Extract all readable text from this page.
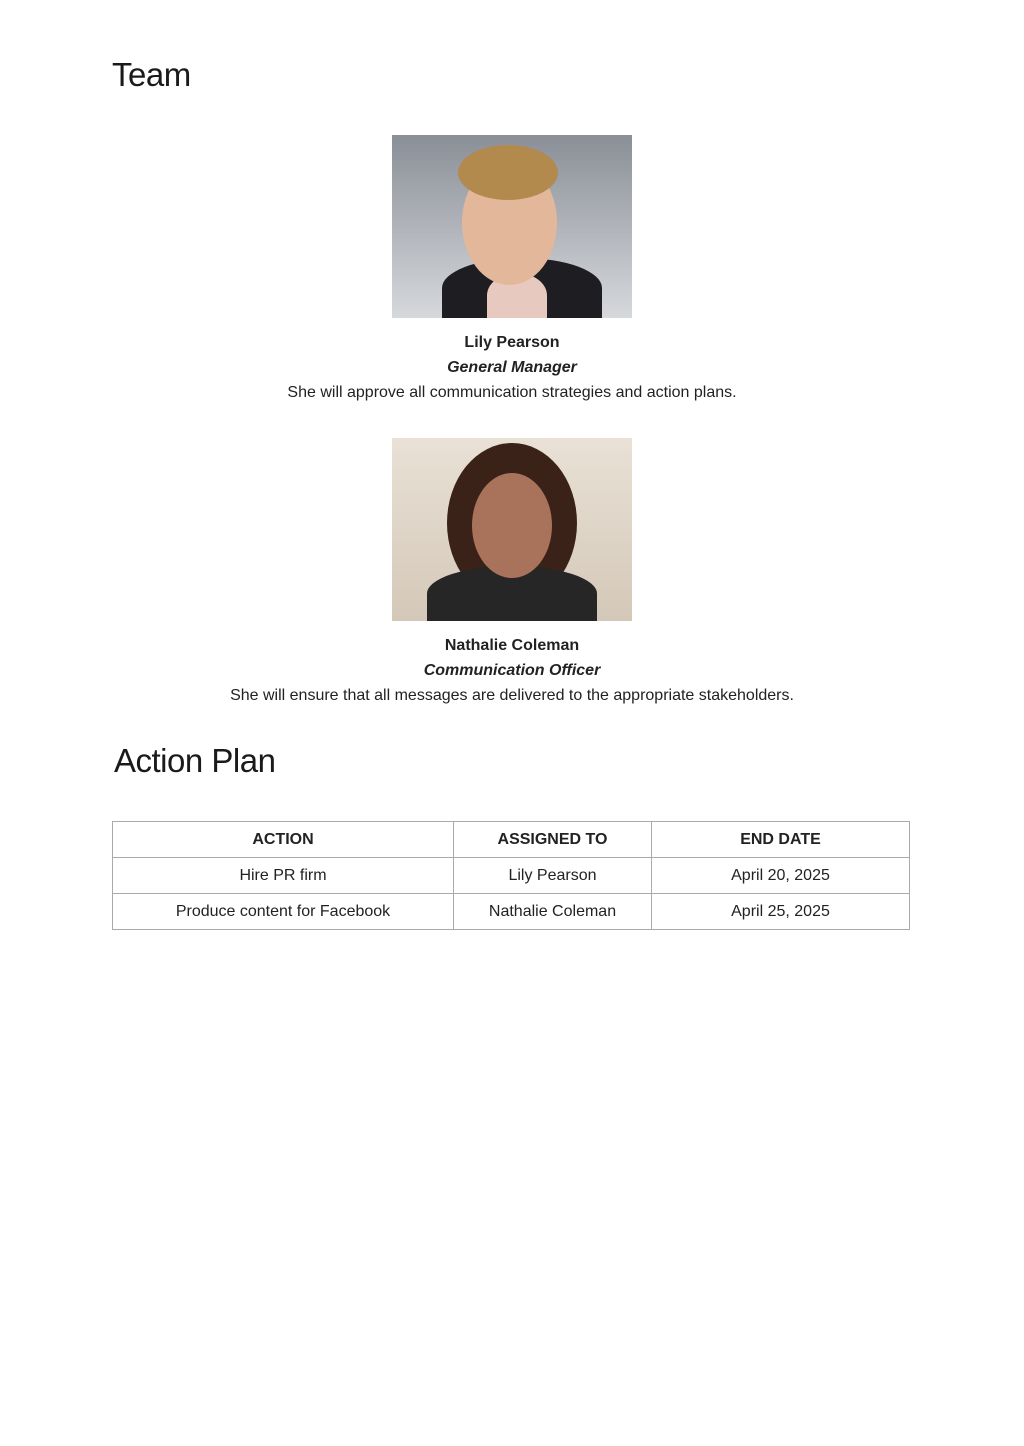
Team
Lily Pearson
General Manager
She will approve all communication strategies and action plans.
Nathalie Coleman
Communication Officer
She will ensure that all messages are delivered to the appropriate stakeholders.
Action Plan
ACTION	ASSIGNED TO	END DATE
Hire PR firm	Lily Pearson	April 20, 2025
Produce content for Facebook	Nathalie Coleman	April 25, 2025
